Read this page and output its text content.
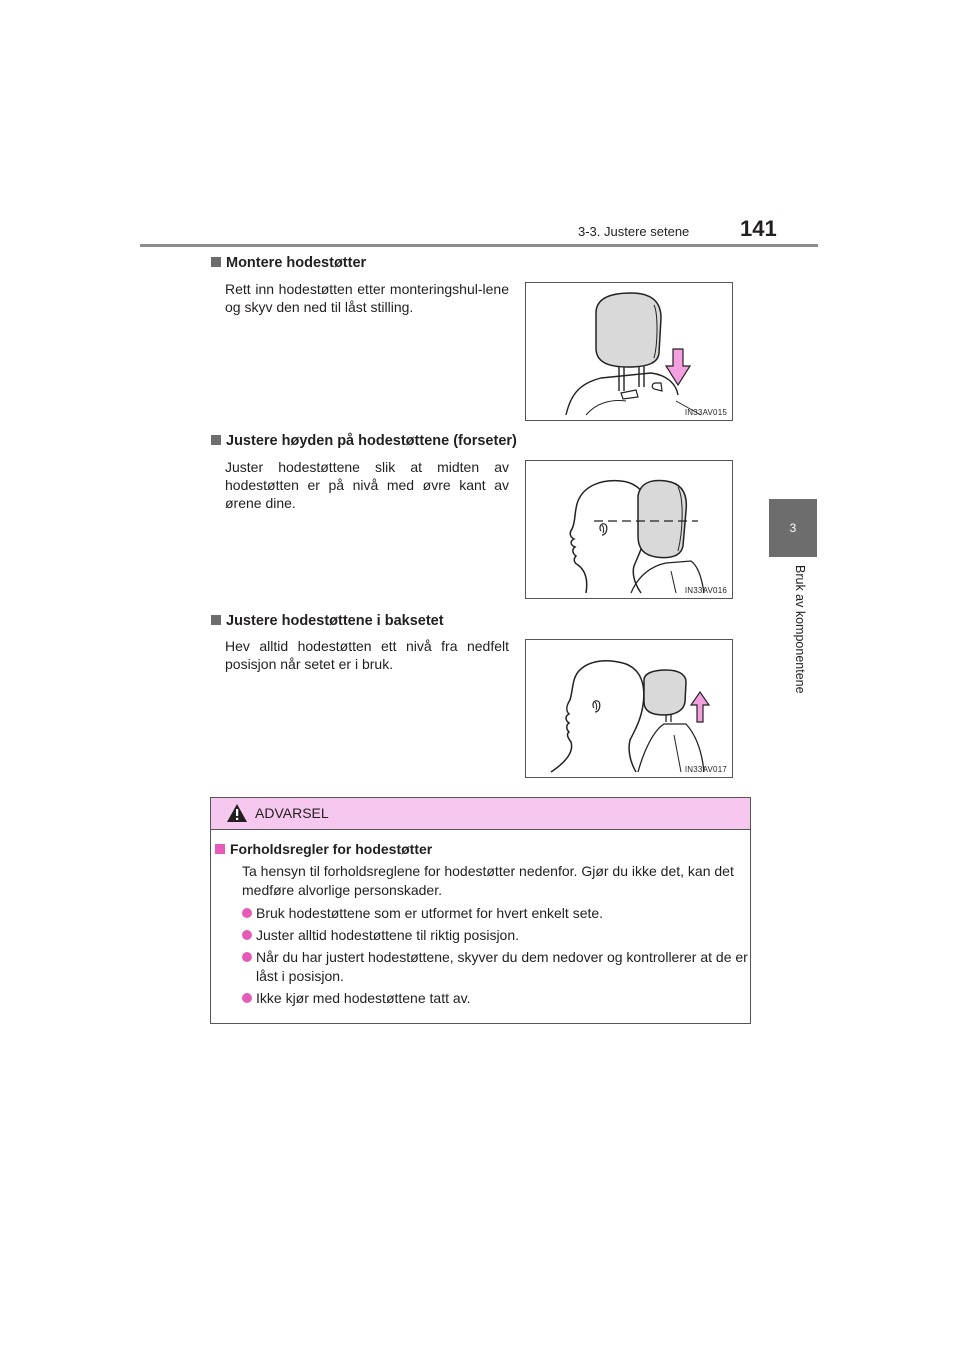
3-3. Justere setene 141
3
Bruk av komponentene
Montere hodestøtter
Rett inn hodestøtten etter monteringshul-lene og skyv den ned til låst stilling.
IN33AV015
Justere høyden på hodestøttene (forseter)
Juster hodestøttene slik at midten av hodestøtten er på nivå med øvre kant av ørene dine.
IN33AV016
Justere hodestøttene i baksetet
Hev alltid hodestøtten ett nivå fra nedfelt posisjon når setet er i bruk.
IN33AV017
ADVARSEL
Forholdsregler for hodestøtter
Ta hensyn til forholdsreglene for hodestøtter nedenfor. Gjør du ikke det, kan det medføre alvorlige personskader.
Bruk hodestøttene som er utformet for hvert enkelt sete.
Juster alltid hodestøttene til riktig posisjon.
Når du har justert hodestøttene, skyver du dem nedover og kontrollerer at de er låst i posisjon.
Ikke kjør med hodestøttene tatt av.
